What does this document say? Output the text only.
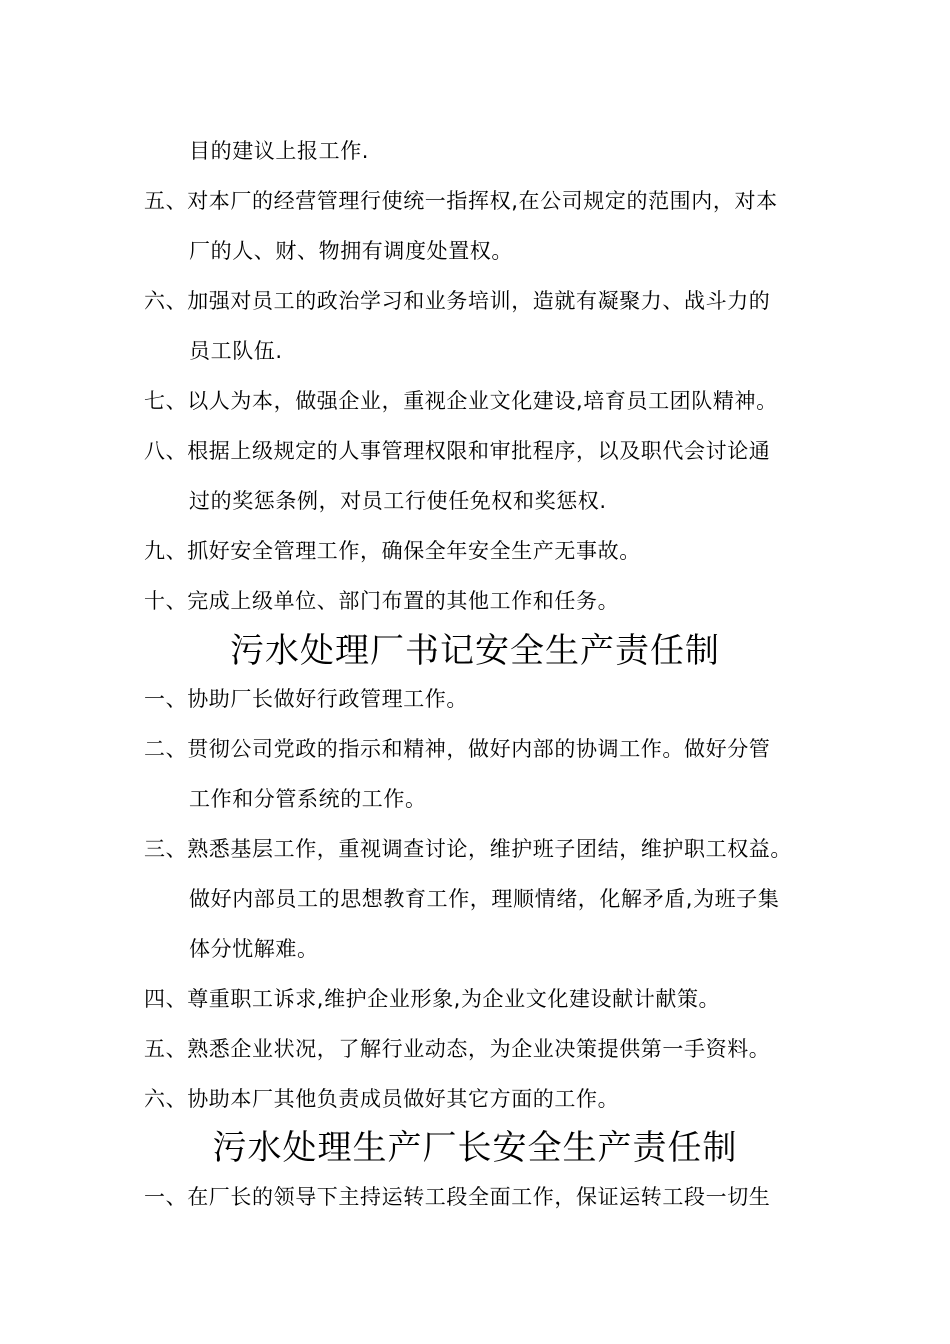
目的建议上报工作.
五、对本厂的经营管理行使统一指挥权,在公司规定的范围内，对本
厂的人、财、物拥有调度处置权。
六、加强对员工的政治学习和业务培训，造就有凝聚力、战斗力的
员工队伍.
七、以人为本，做强企业，重视企业文化建设,培育员工团队精神。
八、根据上级规定的人事管理权限和审批程序，以及职代会讨论通
过的奖惩条例，对员工行使任免权和奖惩权.
九、抓好安全管理工作，确保全年安全生产无事故。
十、完成上级单位、部门布置的其他工作和任务。
污水处理厂书记安全生产责任制
一、协助厂长做好行政管理工作。
二、贯彻公司党政的指示和精神，做好内部的协调工作。做好分管
工作和分管系统的工作。
三、熟悉基层工作，重视调查讨论，维护班子团结，维护职工权益。
做好内部员工的思想教育工作，理顺情绪，化解矛盾,为班子集
体分忧解难。
四、尊重职工诉求,维护企业形象,为企业文化建设献计献策。
五、熟悉企业状况，了解行业动态，为企业决策提供第一手资料。
六、协助本厂其他负责成员做好其它方面的工作。
污水处理生产厂长安全生产责任制
一、在厂长的领导下主持运转工段全面工作，保证运转工段一切生
